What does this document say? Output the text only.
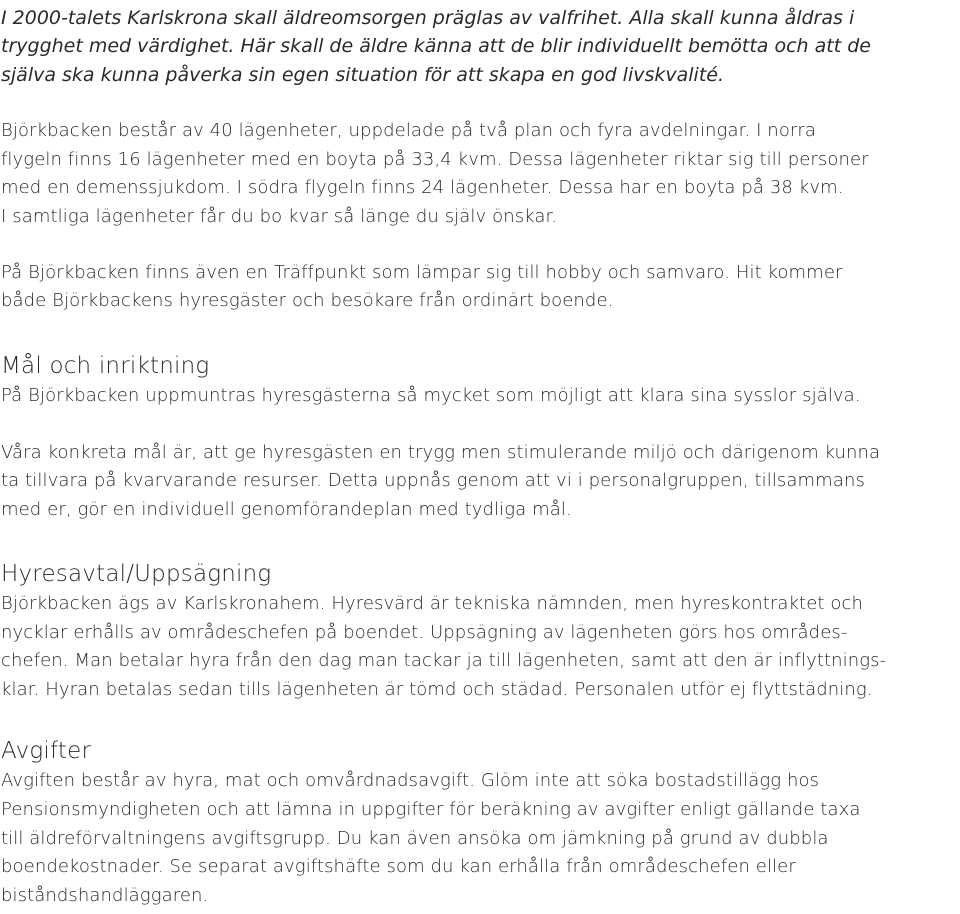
I 2000-talets Karlskrona skall äldreomsorgen präglas av valfrihet. Alla skall kunna åldras i
trygghet med värdighet. Här skall de äldre känna att de blir individuellt bemötta och att de
själva ska kunna påverka sin egen situation för att skapa en god livskvalité.
Björkbacken består av 40 lägenheter, uppdelade på två plan och fyra avdelningar. I norra
flygeln finns 16 lägenheter med en boyta på 33,4 kvm. Dessa lägenheter riktar sig till personer
med en demenssjukdom. I södra flygeln finns 24 lägenheter. Dessa har en boyta på 38 kvm.
I samtliga lägenheter får du bo kvar så länge du själv önskar.
På Björkbacken finns även en Träffpunkt som lämpar sig till hobby och samvaro. Hit kommer
både Björkbackens hyresgäster och besökare från ordinärt boende.
Mål och inriktning
På Björkbacken uppmuntras hyresgästerna så mycket som möjligt att klara sina sysslor själva.
Våra konkreta mål är, att ge hyresgästen en trygg men stimulerande miljö och därigenom kunna
ta tillvara på kvarvarande resurser. Detta uppnås genom att vi i personalgruppen, tillsammans
med er, gör en individuell genomförandeplan med tydliga mål.
Hyresavtal/Uppsägning
Björkbacken ägs av Karlskronahem. Hyresvärd är tekniska nämnden, men hyreskontraktet och
nycklar erhålls av områdeschefen på boendet. Uppsägning av lägenheten görs hos områdes-
chefen. Man betalar hyra från den dag man tackar ja till lägenheten, samt att den är inflyttnings-
klar. Hyran betalas sedan tills lägenheten är tömd och städad. Personalen utför ej flyttstädning.
Avgifter
Avgiften består av hyra, mat och omvårdnadsavgift. Glöm inte att söka bostadstillägg hos
Pensionsmyndigheten och att lämna in uppgifter för beräkning av avgifter enligt gällande taxa
till äldreförvaltningens avgiftsgrupp. Du kan även ansöka om jämkning på grund av dubbla
boendekostnader. Se separat avgiftshäfte som du kan erhålla från områdeschefen eller
biståndshandläggaren.
